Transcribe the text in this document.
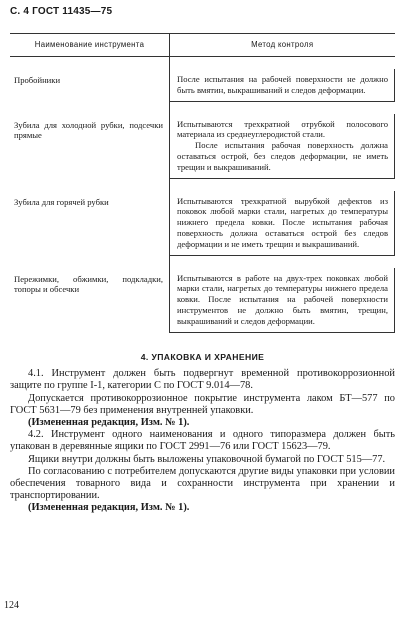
С. 4 ГОСТ 11435—75
Наименование инструмента	Метод контроля

Пробойники	После испытания на рабочей поверхности не должно быть вмятин, выкрашиваний и следов деформации.

Зубила для холодной рубки, подсечки прямые	Испытываются трехкратной отрубкой полосового материала из среднеуглеродистой стали.
После испытания рабочая поверхность должна оставаться острой, без следов деформации, не иметь трещин и выкрашиваний.

Зубила для горячей рубки	Испытываются трехкратной вырубкой дефектов из поковок любой марки стали, нагретых до температуры нижнего предела ковки. После испытания рабочая поверхность должна оставаться острой без следов деформации и не иметь трещин и выкрашиваний.

Пережимки, обжимки, подкладки, топоры и обсечки	Испытываются в работе на двух-трех поковках любой марки стали, нагретых до температуры нижнего предела ковки. После испытания на рабочей поверхности инструментов не должно быть вмятин, трещин, выкрашиваний и следов деформации.
4. УПАКОВКА И ХРАНЕНИЕ

4.1. Инструмент должен быть подвергнут временной противокоррозионной защите по группе I-1, категории С по ГОСТ 9.014—78.

Допускается противокоррозионное покрытие инструмента лаком БТ—577 по ГОСТ 5631—79 без применения внутренней упаковки.

(Измененная редакция, Изм. № 1).

4.2. Инструмент одного наименования и одного типоразмера должен быть упакован в деревянные ящики по ГОСТ 2991—76 или ГОСТ 15623—79.

Ящики внутри должны быть выложены упаковочной бумагой по ГОСТ 515—77.

По согласованию с потребителем допускаются другие виды упаковки при условии обеспечения товарного вида и сохранности инструмента при хранении и транспортировании.

(Измененная редакция, Изм. № 1).

124
